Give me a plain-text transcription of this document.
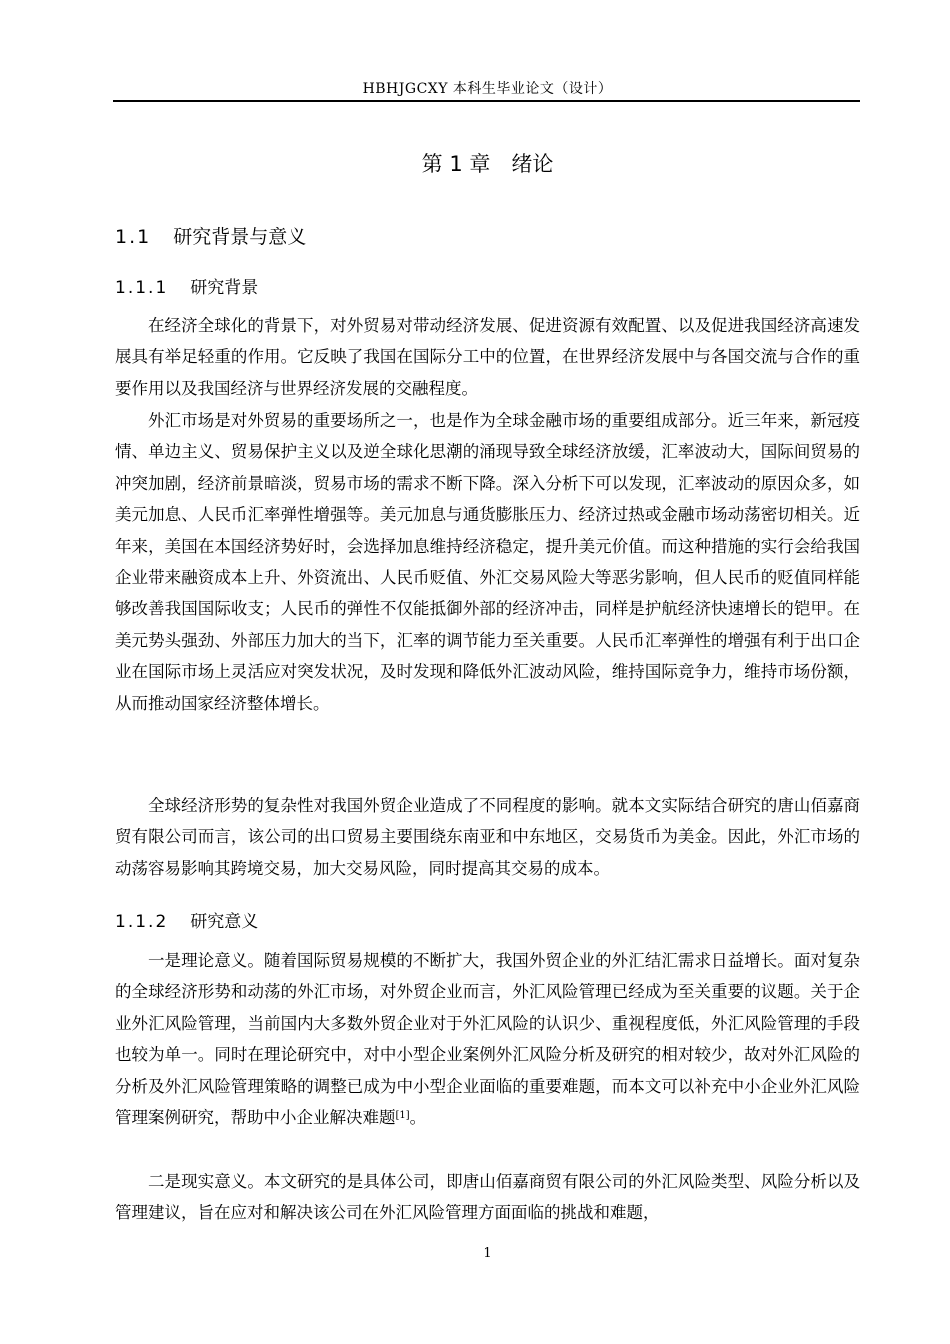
HBHJGCXY 本科生毕业论文（设计）
第 1 章　绪论
1.1 研究背景与意义
1.1.1 研究背景

在经济全球化的背景下，对外贸易对带动经济发展、促进资源有效配置、以及促进我国经济高速发展具有举足轻重的作用。它反映了我国在国际分工中的位置，在世界经济发展中与各国交流与合作的重要作用以及我国经济与世界经济发展的交融程度。

外汇市场是对外贸易的重要场所之一，也是作为全球金融市场的重要组成部分。近三年来，新冠疫情、单边主义、贸易保护主义以及逆全球化思潮的涌现导致全球经济放缓，汇率波动大，国际间贸易的冲突加剧，经济前景暗淡，贸易市场的需求不断下降。深入分析下可以发现，汇率波动的原因众多，如美元加息、人民币汇率弹性增强等。美元加息与通货膨胀压力、经济过热或金融市场动荡密切相关。近年来，美国在本国经济势好时，会选择加息维持经济稳定，提升美元价值。而这种措施的实行会给我国企业带来融资成本上升、外资流出、人民币贬值、外汇交易风险大等恶劣影响，但人民币的贬值同样能够改善我国国际收支；人民币的弹性不仅能抵御外部的经济冲击，同样是护航经济快速增长的铠甲。在美元势头强劲、外部压力加大的当下，汇率的调节能力至关重要。人民币汇率弹性的增强有利于出口企业在国际市场上灵活应对突发状况，及时发现和降低外汇波动风险，维持国际竞争力，维持市场份额，从而推动国家经济整体增长。

全球经济形势的复杂性对我国外贸企业造成了不同程度的影响。就本文实际结合研究的唐山佰嘉商贸有限公司而言，该公司的出口贸易主要围绕东南亚和中东地区，交易货币为美金。因此，外汇市场的动荡容易影响其跨境交易，加大交易风险，同时提高其交易的成本。

1.1.2 研究意义

一是理论意义。随着国际贸易规模的不断扩大，我国外贸企业的外汇结汇需求日益增长。面对复杂的全球经济形势和动荡的外汇市场，对外贸企业而言，外汇风险管理已经成为至关重要的议题。关于企业外汇风险管理，当前国内大多数外贸企业对于外汇风险的认识少、重视程度低，外汇风险管理的手段也较为单一。同时在理论研究中，对中小型企业案例外汇风险分析及研究的相对较少，故对外汇风险的分析及外汇风险管理策略的调整已成为中小型企业面临的重要难题，而本文可以补充中小企业外汇风险管理案例研究，帮助中小企业解决难题[1]。

二是现实意义。本文研究的是具体公司，即唐山佰嘉商贸有限公司的外汇风险类型、风险分析以及管理建议，旨在应对和解决该公司在外汇风险管理方面面临的挑战和难题，

1
